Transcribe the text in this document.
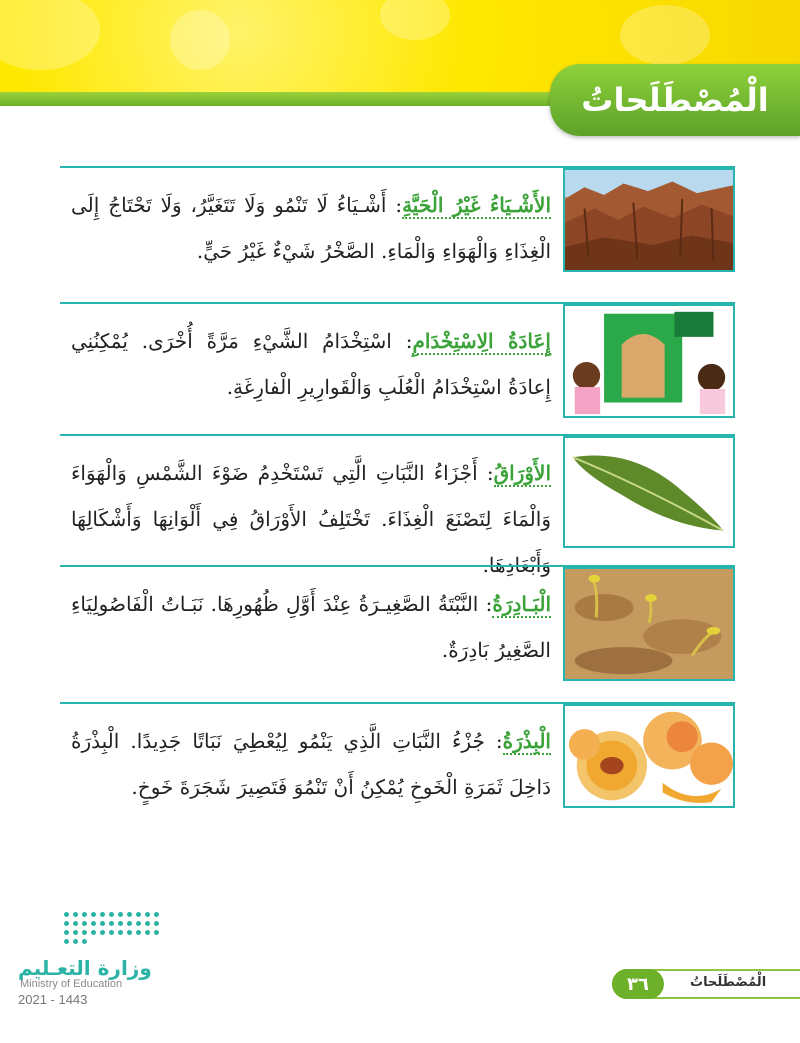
الْمُصْطَلَحاتُ
الأَشْـيَاءُ غَيْرُ الْحَيَّةِ: أَشْـيَاءُ لَا تَنْمُو وَلَا تَتَغَيَّرُ، وَلَا تَحْتَاجُ إِلَى الْغِذَاءِ وَالْهَوَاءِ وَالْمَاءِ. الصَّخْرُ شَيْءٌ غَيْرُ حَيٍّ.
إِعَادَةُ الِاسْتِخْدَامِ: اسْتِخْدَامُ الشَّيْءِ مَرَّةً أُخْرَى. يُمْكِنُنِي إِعادَةُ اسْتِخْدَامُ الْعُلَبِ وَالْقَوارِيرِ الْفارِغَةِ.
الأَوْرَاقُ: أَجْزَاءُ النَّبَاتِ الَّتِي تَسْتَخْدِمُ ضَوْءَ الشَّمْسِ وَالْهَوَاءَ وَالْمَاءَ لِتَصْنَعَ الْغِذَاءَ. تَخْتَلِفُ الأَوْرَاقُ فِي أَلْوَانِهَا وَأَشْكَالِهَا وَأَبْعَادِهَا.
الْبَـادِرَةُ: النَّبْتَةُ الصَّغِيـرَةُ عِنْدَ أَوَّلِ ظُهُورِهَا. نَبَـاتُ الْفَاصُولِيَاءِ الصَّغِيرُ بَادِرَةٌ.
الْبِذْرَةُ: جُزْءُ النَّبَاتِ الَّذِي يَنْمُو لِيُعْطِيَ نَبَاتًا جَدِيدًا. الْبِذْرَةُ دَاخِلَ ثَمَرَةِ الْخَوخِ يُمْكِنُ أَنْ تَنْمُوَ فَتَصِيرَ شَجَرَةَ خَوخٍ.
وزارة التعـليم
Ministry of Education
2021 - 1443
٣٦	الْمُصْطَلَحاتُ
